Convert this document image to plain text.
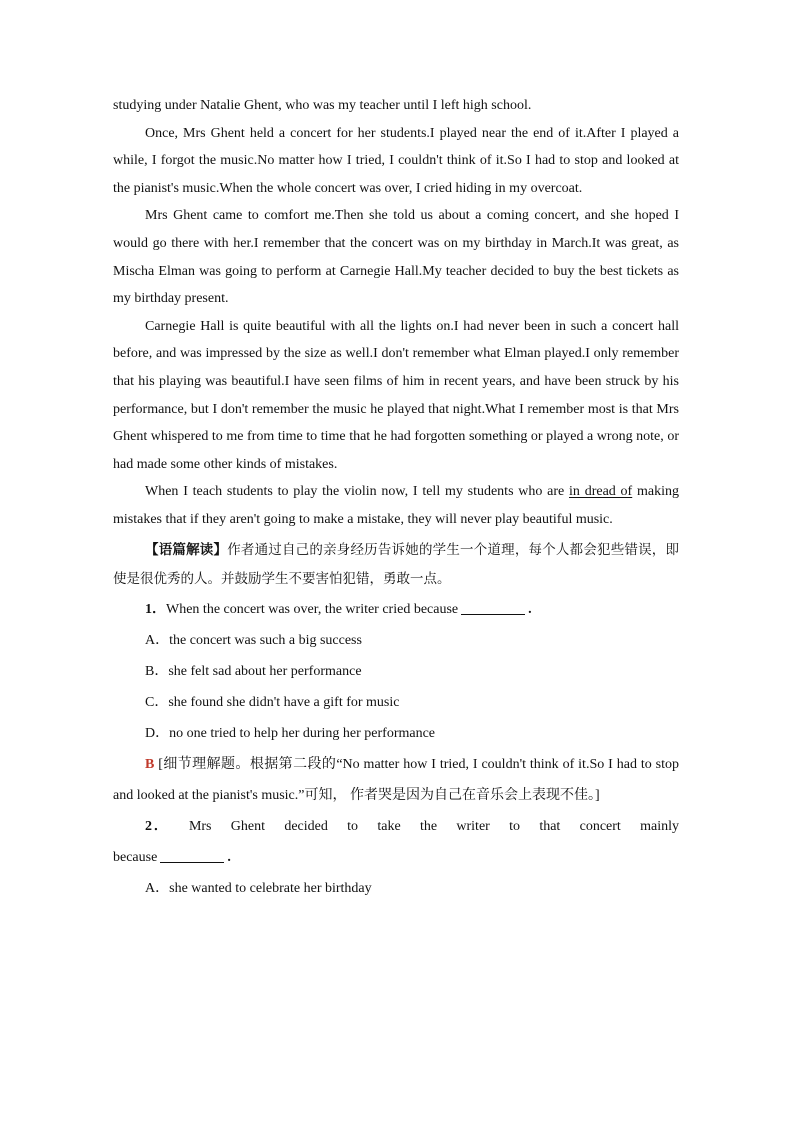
studying under Natalie Ghent, who was my teacher until I left high school.

Once, Mrs Ghent held a concert for her students.I played near the end of it.After I played a while, I forgot the music.No matter how I tried, I couldn't think of it.So I had to stop and looked at the pianist's music.When the whole concert was over, I cried hiding in my overcoat.

Mrs Ghent came to comfort me.Then she told us about a coming concert, and she hoped I would go there with her.I remember that the concert was on my birthday in March.It was great, as Mischa Elman was going to perform at Carnegie Hall.My teacher decided to buy the best tickets as my birthday present.

Carnegie Hall is quite beautiful with all the lights on.I had never been in such a concert hall before, and was impressed by the size as well.I don't remember what Elman played.I only remember that his playing was beautiful.I have seen films of him in recent years, and have been struck by his performance, but I don't remember the music he played that night.What I remember most is that Mrs Ghent whispered to me from time to time that he had forgotten something or played a wrong note, or had made some other kinds of mistakes.

When I teach students to play the violin now, I tell my students who are in dread of making mistakes that if they aren't going to make a mistake, they will never play beautiful music.

【语篇解读】作者通过自己的亲身经历告诉她的学生一个道理，每个人都会犯些错误，即使是很优秀的人。并鼓励学生不要害怕犯错，勇敢一点。

1．When the concert was over, the writer cried because	.

A．the concert was such a big success

B．she felt sad about her performance

C．she found she didn't have a gift for music

D．no one tried to help her during her performance

B [细节理解题。根据第二段的“No matter how I tried, I couldn't think of it.So I had to stop and looked at the pianist's music.”可知， 作者哭是因为自己在音乐会上表现不佳。]

2． Mrs Ghent decided to take the writer to that concert mainly

because	.

A．she wanted to celebrate her birthday
